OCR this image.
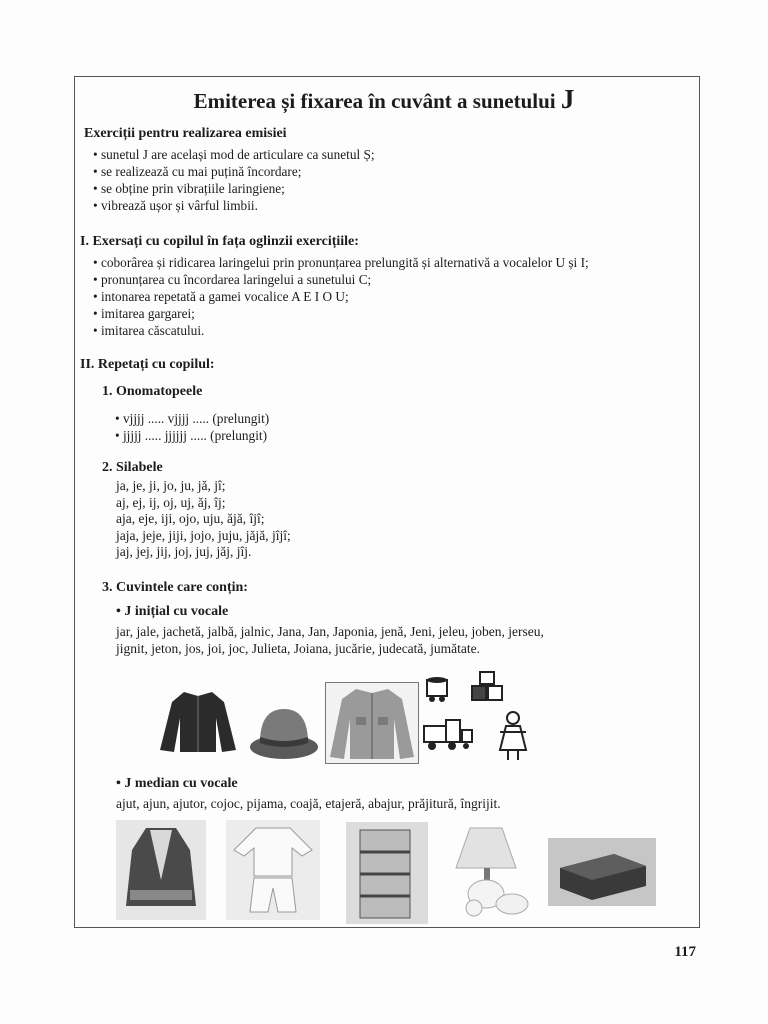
Emiterea și fixarea în cuvânt a sunetului J
Exerciții pentru realizarea emisiei
• sunetul J are același mod de articulare ca sunetul Ș;
• se realizează cu mai puțină încordare;
• se obține prin vibrațiile laringiene;
• vibrează ușor și vârful limbii.
I. Exersați cu copilul în fața oglinzii exercițiile:
• coborârea și ridicarea laringelui prin pronunțarea prelungită și alternativă a vocalelor U și I;
• pronunțarea cu încordarea laringelui a sunetului C;
• intonarea repetată a gamei vocalice A E I O U;
• imitarea gargarei;
• imitarea căscatului.
II. Repetați cu copilul:
1. Onomatopeele
• vjjjj ..... vjjjj ..... (prelungit)
• jjjjj ..... jjjjjj ..... (prelungit)
2. Silabele
ja, je, ji, jo, ju, jă, jî;
aj, ej, ij, oj, uj, ăj, îj;
aja, eje, iji, ojo, uju, ăjă, îjî;
jaja, jeje, jiji, jojo, juju, jăjă, jîjî;
jaj, jej, jij, joj, juj, jăj, jîj.
3. Cuvintele care conțin:
• J inițial cu vocale
jar, jale, jachetă, jalbă, jalnic, Jana, Jan, Japonia, jenă, Jeni, jeleu, joben, jerseu,
jignit, jeton, jos, joi, joc, Julieta, Joiana, jucărie, judecată, jumătate.
• J median cu vocale
ajut, ajun, ajutor, cojoc, pijama, coajă, etajeră, abajur, prăjitură, îngrijit.
117
